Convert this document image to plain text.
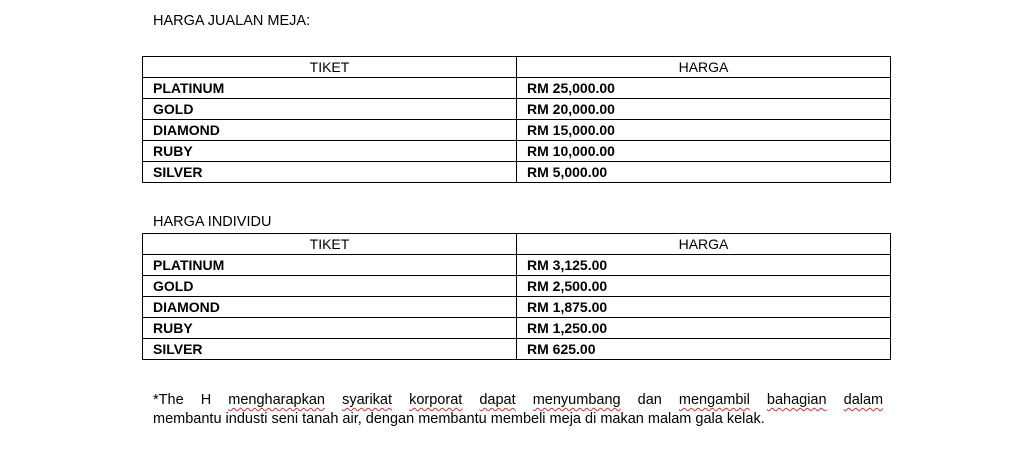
HARGA JUALAN MEJA:
TIKET	HARGA
PLATINUM	RM 25,000.00
GOLD	RM 20,000.00
DIAMOND	RM 15,000.00
RUBY	RM 10,000.00
SILVER	RM 5,000.00
HARGA INDIVIDU
TIKET	HARGA
PLATINUM	RM 3,125.00
GOLD	RM 2,500.00
DIAMOND	RM 1,875.00
RUBY	RM 1,250.00
SILVER	RM 625.00
*The H mengharapkan syarikat korporat dapat menyumbang dan mengambil bahagian dalam
membantu industi seni tanah air, dengan membantu membeli meja di makan malam gala kelak.
